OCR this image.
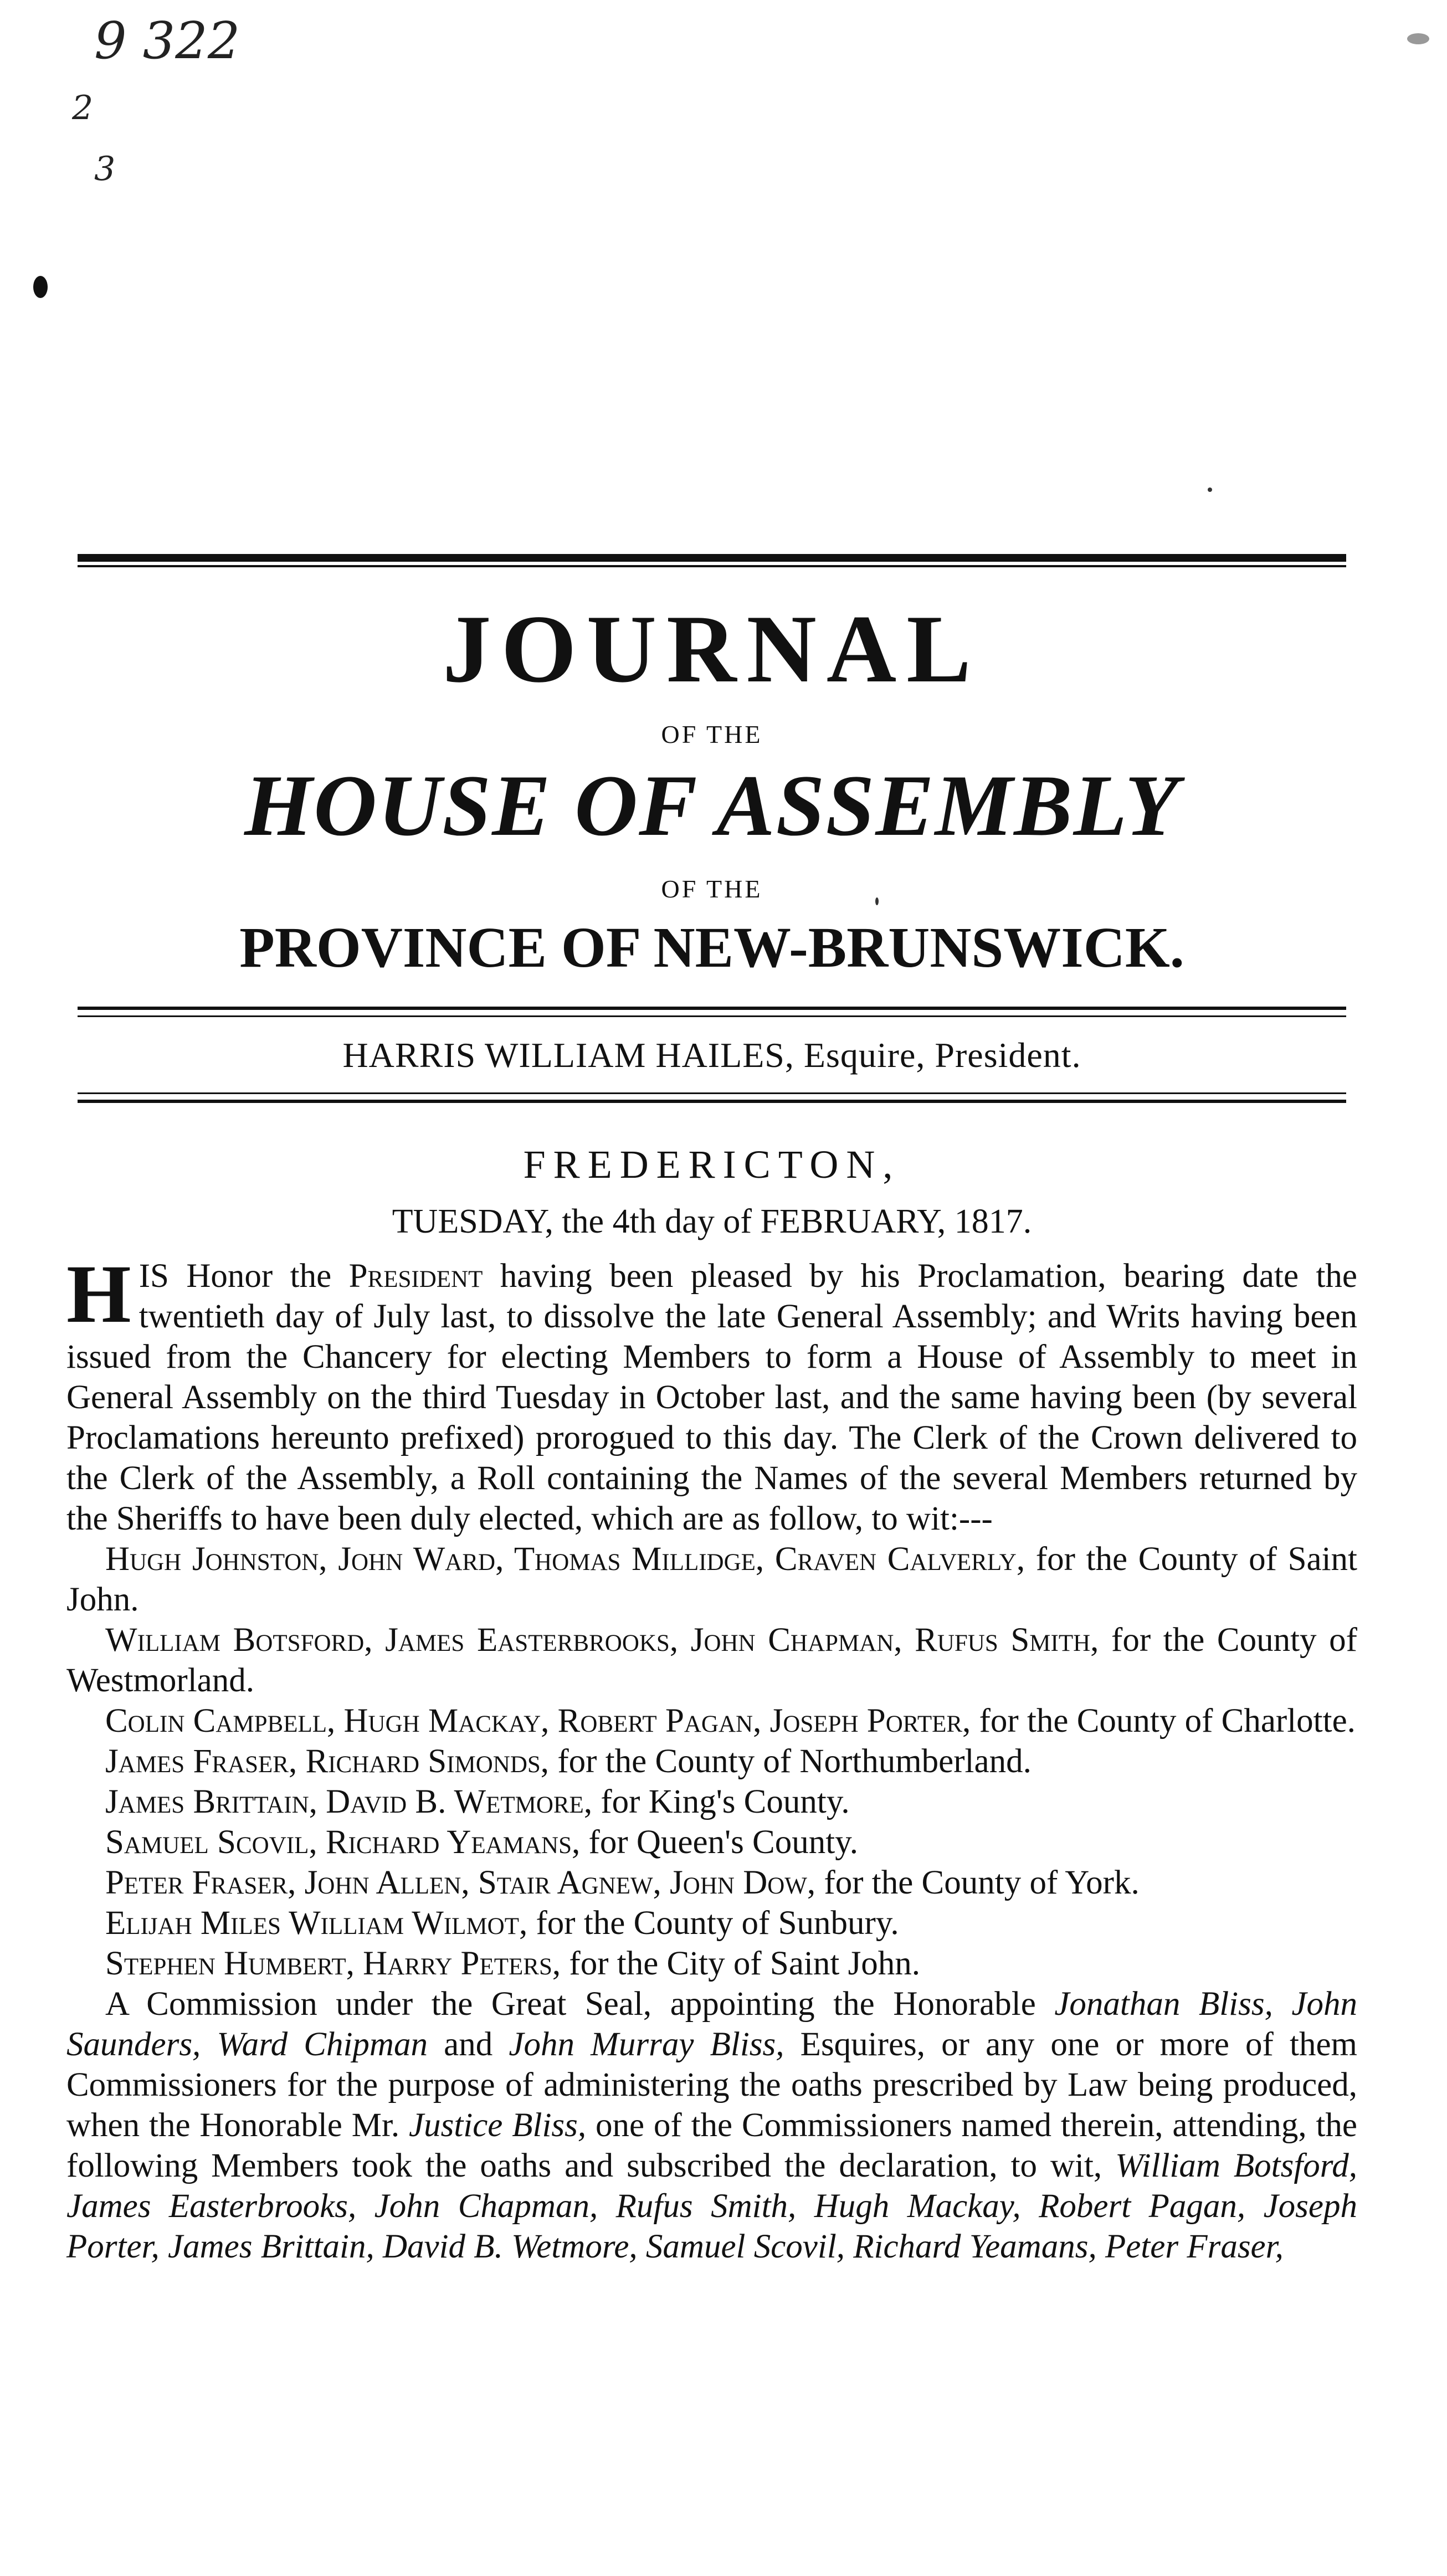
9 322
2
3
JOURNAL
OF THE
HOUSE OF ASSEMBLY
OF THE
PROVINCE OF NEW-BRUNSWICK.
HARRIS WILLIAM HAILES, Esquire, President.
FREDERICTON,
TUESDAY, the 4th day of FEBRUARY, 1817.

HIS Honor the President having been pleased by his Proclamation, bearing date the twentieth day of July last, to dissolve the late General Assembly; and Writs having been issued from the Chancery for electing Members to form a House of Assembly to meet in General Assembly on the third Tuesday in October last, and the same having been (by several Proclamations hereunto prefixed) prorogued to this day. The Clerk of the Crown delivered to the Clerk of the Assembly, a Roll containing the Names of the several Members returned by the Sheriffs to have been duly elected, which are as follow, to wit:---

Hugh Johnston, John Ward, Thomas Millidge, Craven Calverly, for the County of Saint John.

William Botsford, James Easterbrooks, John Chapman, Rufus Smith, for the County of Westmorland.

Colin Campbell, Hugh Mackay, Robert Pagan, Joseph Porter, for the County of Charlotte.

James Fraser, Richard Simonds, for the County of Northumberland.

James Brittain, David B. Wetmore, for King's County.

Samuel Scovil, Richard Yeamans, for Queen's County.

Peter Fraser, John Allen, Stair Agnew, John Dow, for the County of York.

Elijah Miles William Wilmot, for the County of Sunbury.

Stephen Humbert, Harry Peters, for the City of Saint John.

A Commission under the Great Seal, appointing the Honorable Jonathan Bliss, John Saunders, Ward Chipman and John Murray Bliss, Esquires, or any one or more of them Commissioners for the purpose of administering the oaths prescribed by Law being produced, when the Honorable Mr. Justice Bliss, one of the Commissioners named therein, attending, the following Members took the oaths and subscribed the declaration, to wit, William Botsford, James Easterbrooks, John Chapman, Rufus Smith, Hugh Mackay, Robert Pagan, Joseph Porter, James Brittain, David B. Wetmore, Samuel Scovil, Richard Yeamans, Peter Fraser,
